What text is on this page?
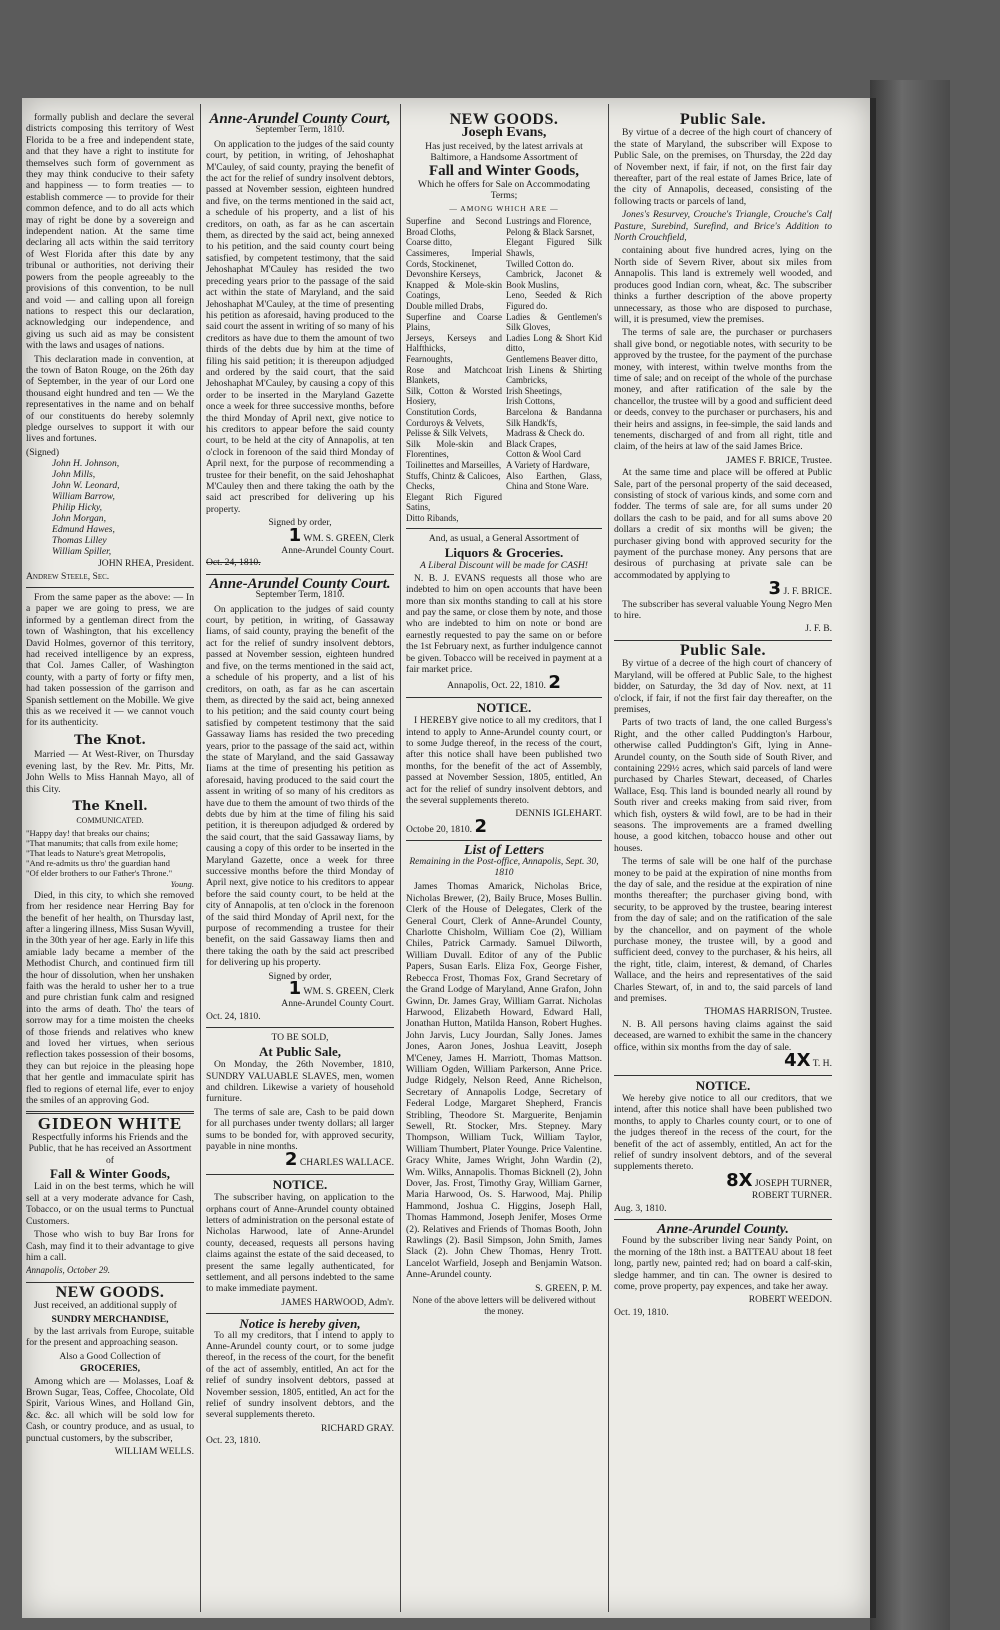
formally publish and declare the several districts composing this territory of West Florida to be a free and independent state, and that they have a right to institute for themselves such form of government as they may think conducive to their safety and happiness — to form treaties — to establish commerce — to provide for their common defence, and to do all acts which may of right be done by a sovereign and independent nation. At the same time declaring all acts within the said territory of West Florida after this date by any tribunal or authorities, not deriving their powers from the people agreeably to the provisions of this convention, to be null and void — and calling upon all foreign nations to respect this our declaration, acknowledging our independence, and giving us such aid as may be consistent with the laws and usages of nations.

This declaration made in convention, at the town of Baton Rouge, on the 26th day of September, in the year of our Lord one thousand eight hundred and ten — We the representatives in the name and on behalf of our constituents do hereby solemnly pledge ourselves to support it with our lives and fortunes.

(Signed)
John H. Johnson,
John Mills,
John W. Leonard,
William Barrow,
Philip Hicky,
John Morgan,
Edmund Hawes,
Thomas Lilley
William Spiller,
JOHN RHEA, President.
Andrew Steele, Sec.

From the same paper as the above: — In a paper we are going to press, we are informed by a gentleman direct from the town of Washington, that his excellency David Holmes, governor of this territory, had received intelligence by an express, that Col. James Caller, of Washington county, with a party of forty or fifty men, had taken possession of the garrison and Spanish settlement on the Mobille. We give this as we received it — we cannot vouch for its authenticity.

The Knot.

Married — At West-River, on Thursday evening last, by the Rev. Mr. Pitts, Mr. John Wells to Miss Hannah Mayo, all of this City.

The Knell.
COMMUNICATED.
"Happy day! that breaks our chains;
"That manumits; that calls from exile home;
"That leads to Nature's great Metropolis,
"And re-admits us thro' the guardian hand
"Of elder brothers to our Father's Throne."
Young.

Died, in this city, to which she removed from her residence near Herring Bay for the benefit of her health, on Thursday last, after a lingering illness, Miss Susan Wyvill, in the 30th year of her age. Early in life this amiable lady became a member of the Methodist Church, and continued firm till the hour of dissolution, when her unshaken faith was the herald to usher her to a true and pure christian funk calm and resigned into the arms of death. Tho' the tears of sorrow may for a time moisten the cheeks of those friends and relatives who knew and loved her virtues, when serious reflection takes possession of their bosoms, they can but rejoice in the pleasing hope that her gentle and immaculate spirit has fled to regions of eternal life, ever to enjoy the smiles of an approving God.

GIDEON WHITE
Respectfully informs his Friends and the Public, that he has received an Assortment of
Fall & Winter Goods,

Laid in on the best terms, which he will sell at a very moderate advance for Cash, Tobacco, or on the usual terms to Punctual Customers.

Those who wish to buy Bar Irons for Cash, may find it to their advantage to give him a call.

Annapolis, October 29.
NEW GOODS.

Just received, an additional supply of

SUNDRY MERCHANDISE,

by the last arrivals from Europe, suitable for the present and approaching season.

Also a Good Collection of
GROCERIES,

Among which are — Molasses, Loaf & Brown Sugar, Teas, Coffee, Chocolate, Old Spirit, Various Wines, and Holland Gin, &c. &c. all which will be sold low for Cash, or country produce, and as usual, to punctual customers, by the subscriber,

WILLIAM WELLS.
Anne-Arundel County Court,
September Term, 1810.

On application to the judges of the said county court, by petition, in writing, of Jehoshaphat M'Cauley, of said county, praying the benefit of the act for the relief of sundry insolvent debtors, passed at November session, eighteen hundred and five, on the terms mentioned in the said act, a schedule of his property, and a list of his creditors, on oath, as far as he can ascertain them, as directed by the said act, being annexed to his petition, and the said county court being satisfied, by competent testimony, that the said Jehoshaphat M'Cauley has resided the two preceding years prior to the passage of the said act within the state of Maryland, and the said Jehoshaphat M'Cauley, at the time of presenting his petition as aforesaid, having produced to the said court the assent in writing of so many of his creditors as have due to them the amount of two thirds of the debts due by him at the time of filing his said petition; it is thereupon adjudged and ordered by the said court, that the said Jehoshaphat M'Cauley, by causing a copy of this order to be inserted in the Maryland Gazette once a week for three successive months, before the third Monday of April next, give notice to his creditors to appear before the said county court, to be held at the city of Annapolis, at ten o'clock in forenoon of the said third Monday of April next, for the purpose of recommending a trustee for their benefit, on the said Jehoshaphat M'Cauley then and there taking the oath by the said act prescribed for delivering up his property.

Signed by order,
1 WM. S. GREEN, Clerk
Anne-Arundel County Court.
Oct. 24, 1810.
Anne-Arundel County Court.
September Term, 1810.

On application to the judges of said county court, by petition, in writing, of Gassaway Iiams, of said county, praying the benefit of the act for the relief of sundry insolvent debtors, passed at November session, eighteen hundred and five, on the terms mentioned in the said act, a schedule of his property, and a list of his creditors, on oath, as far as he can ascertain them, as directed by the said act, being annexed to his petition; and the said county court being satisfied by competent testimony that the said Gassaway Iiams has resided the two preceding years, prior to the passage of the said act, within the state of Maryland, and the said Gassaway Iiams at the time of presenting his petition as aforesaid, having produced to the said court the assent in writing of so many of his creditors as have due to them the amount of two thirds of the debts due by him at the time of filing his said petition, it is thereupon adjudged & ordered by the said court, that the said Gassaway Iiams, by causing a copy of this order to be inserted in the Maryland Gazette, once a week for three successive months before the third Monday of April next, give notice to his creditors to appear before the said county court, to be held at the city of Annapolis, at ten o'clock in the forenoon of the said third Monday of April next, for the purpose of recommending a trustee for their benefit, on the said Gassaway Iiams then and there taking the oath by the said act prescribed for delivering up his property.

Signed by order,
1 WM. S. GREEN, Clerk
Anne-Arundel County Court.
Oct. 24, 1810.
TO BE SOLD,
At Public Sale,

On Monday, the 26th November, 1810, SUNDRY VALUABLE SLAVES, men, women and children. Likewise a variety of household furniture.

The terms of sale are, Cash to be paid down for all purchases under twenty dollars; all larger sums to be bonded for, with approved security, payable in nine months.

2 CHARLES WALLACE.
NOTICE.

The subscriber having, on application to the orphans court of Anne-Arundel county obtained letters of administration on the personal estate of Nicholas Harwood, late of Anne-Arundel county, deceased, requests all persons having claims against the estate of the said deceased, to present the same legally authenticated, for settlement, and all persons indebted to the same to make immediate payment.

JAMES HARWOOD, Adm'r.
Notice is hereby given,

To all my creditors, that I intend to apply to Anne-Arundel county court, or to some judge thereof, in the recess of the court, for the benefit of the act of assembly, entitled, An act for the relief of sundry insolvent debtors, passed at November session, 1805, entitled, An act for the relief of sundry insolvent debtors, and the several supplements thereto.

RICHARD GRAY.
Oct. 23, 1810.
NEW GOODS.
Joseph Evans,
Has just received, by the latest arrivals at Baltimore, a Handsome Assortment of
Fall and Winter Goods,
Which he offers for Sale on Accommodating Terms;
— AMONG WHICH ARE —
Superfine and Second Broad Cloths,
Coarse ditto,
Cassimeres, Imperial Cords, Stockinenet,
Devonshire Kerseys,
Knapped & Mole-skin Coatings,
Double milled Drabs,
Superfine and Coarse Plains,
Jerseys, Kerseys and Halfthicks,
Fearnoughts,
Rose and Matchcoat Blankets,
Silk, Cotton & Worsted Hosiery,
Constitution Cords,
Corduroys & Velvets,
Pelisse & Silk Velvets,
Silk Mole-skin and Florentines,
Toilinettes and Marseilles,
Stuffs, Chintz & Calicoes,
Checks,
Elegant Rich Figured Satins,
Ditto Ribands,
Lustrings and Florence,
Pelong & Black Sarsnet,
Elegant Figured Silk Shawls,
Twilled Cotton do.
Cambrick, Jaconet & Book Muslins,
Leno, Seeded & Rich Figured do.
Ladies & Gentlemen's Silk Gloves,
Ladies Long & Short Kid ditto,
Gentlemens Beaver ditto,
Irish Linens & Shirting Cambricks,
Irish Sheetings,
Irish Cottons,
Barcelona & Bandanna Silk Handk'fs,
Madrass & Check do.
Black Crapes,
Cotton & Wool Card
A Variety of Hardware,
Also Earthen, Glass, China and Stone Ware.
And, as usual, a General Assortment of
Liquors & Groceries.
A Liberal Discount will be made for CASH!

N. B. J. EVANS requests all those who are indebted to him on open accounts that have been more than six months standing to call at his store and pay the same, or close them by note, and those who are indebted to him on note or bond are earnestly requested to pay the same on or before the 1st February next, as further indulgence cannot be given. Tobacco will be received in payment at a fair market price.

Annapolis, Oct. 22, 1810. 2
NOTICE.

I HEREBY give notice to all my creditors, that I intend to apply to Anne-Arundel county court, or to some Judge thereof, in the recess of the court, after this notice shall have been published two months, for the benefit of the act of Assembly, passed at November Session, 1805, entitled, An act for the relief of sundry insolvent debtors, and the several supplements thereto.

DENNIS IGLEHART.
Octobe 20, 1810. 2
List of Letters
Remaining in the Post-office, Annapolis, Sept. 30, 1810

James Thomas Amarick, Nicholas Brice, Nicholas Brewer, (2), Baily Bruce, Moses Bullin. Clerk of the House of Delegates, Clerk of the General Court, Clerk of Anne-Arundel County, Charlotte Chisholm, William Coe (2), William Chiles, Patrick Carmady. Samuel Dilworth, William Duvall. Editor of any of the Public Papers, Susan Earls. Eliza Fox, George Fisher, Rebecca Frost, Thomas Fox, Grand Secretary of the Grand Lodge of Maryland, Anne Grafon, John Gwinn, Dr. James Gray, William Garrat. Nicholas Harwood, Elizabeth Howard, Edward Hall, Jonathan Hutton, Matilda Hanson, Robert Hughes. John Jarvis, Lucy Jourdan, Sally Jones. James Jones, Aaron Jones, Joshua Leavitt, Joseph M'Ceney, James H. Marriott, Thomas Mattson. William Ogden, William Parkerson, Anne Price. Judge Ridgely, Nelson Reed, Anne Richelson, Secretary of Annapolis Lodge, Secretary of Federal Lodge, Margaret Shepherd, Francis Stribling, Theodore St. Marguerite, Benjamin Sewell, Rt. Stocker, Mrs. Stepney. Mary Thompson, William Tuck, William Taylor, William Thumbert, Plater Younge. Price Valentine. Gracy White, James Wright, John Wardin (2), Wm. Wilks, Annapolis. Thomas Bicknell (2), John Dover, Jas. Frost, Timothy Gray, William Garner, Maria Harwood, Os. S. Harwood, Maj. Philip Hammond, Joshua C. Higgins, Joseph Hall, Thomas Hammond, Joseph Jenifer, Moses Orme (2). Relatives and Friends of Thomas Booth, John Rawlings (2). Basil Simpson, John Smith, James Slack (2). John Chew Thomas, Henry Trott. Lancelot Warfield, Joseph and Benjamin Watson. Anne-Arundel county.

S. GREEN, P. M.
None of the above letters will be delivered without the money.
Public Sale.

By virtue of a decree of the high court of chancery of the state of Maryland, the subscriber will Expose to Public Sale, on the premises, on Thursday, the 22d day of November next, if fair, if not, on the first fair day thereafter, part of the real estate of James Brice, late of the city of Annapolis, deceased, consisting of the following tracts or parcels of land,

Jones's Resurvey, Crouche's Triangle, Crouche's Calf Pasture, Surebind, Surefind, and Brice's Addition to North Crouchfield,

containing about five hundred acres, lying on the North side of Severn River, about six miles from Annapolis. This land is extremely well wooded, and produces good Indian corn, wheat, &c. The subscriber thinks a further description of the above property unnecessary, as those who are disposed to purchase, will, it is presumed, view the premises.

The terms of sale are, the purchaser or purchasers shall give bond, or negotiable notes, with security to be approved by the trustee, for the payment of the purchase money, with interest, within twelve months from the time of sale; and on receipt of the whole of the purchase money, and after ratification of the sale by the chancellor, the trustee will by a good and sufficient deed or deeds, convey to the purchaser or purchasers, his and their heirs and assigns, in fee-simple, the said lands and tenements, discharged of and from all right, title and claim, of the heirs at law of the said James Brice.

JAMES F. BRICE, Trustee.

At the same time and place will be offered at Public Sale, part of the personal property of the said deceased, consisting of stock of various kinds, and some corn and fodder. The terms of sale are, for all sums under 20 dollars the cash to be paid, and for all sums above 20 dollars a credit of six months will be given; the purchaser giving bond with approved security for the payment of the purchase money. Any persons that are desirous of purchasing at private sale can be accommodated by applying to

3 J. F. BRICE.

The subscriber has several valuable Young Negro Men to hire.

J. F. B.
Public Sale.

By virtue of a decree of the high court of chancery of Maryland, will be offered at Public Sale, to the highest bidder, on Saturday, the 3d day of Nov. next, at 11 o'clock, if fair, if not the first fair day thereafter, on the premises,

Parts of two tracts of land, the one called Burgess's Right, and the other called Puddington's Harbour, otherwise called Puddington's Gift, lying in Anne-Arundel county, on the South side of South River, and containing 229½ acres, which said parcels of land were purchased by Charles Stewart, deceased, of Charles Wallace, Esq. This land is bounded nearly all round by South river and creeks making from said river, from which fish, oysters & wild fowl, are to be had in their seasons. The improvements are a framed dwelling house, a good kitchen, tobacco house and other out houses.

The terms of sale will be one half of the purchase money to be paid at the expiration of nine months from the day of sale, and the residue at the expiration of nine months thereafter; the purchaser giving bond, with security, to be approved by the trustee, bearing interest from the day of sale; and on the ratification of the sale by the chancellor, and on payment of the whole purchase money, the trustee will, by a good and sufficient deed, convey to the purchaser, & his heirs, all the right, title, claim, interest, & demand, of Charles Wallace, and the heirs and representatives of the said Charles Stewart, of, in and to, the said parcels of land and premises.

THOMAS HARRISON, Trustee.

N. B. All persons having claims against the said deceased, are warned to exhibit the same in the chancery office, within six months from the day of sale.

4X T. H.
NOTICE.

We hereby give notice to all our creditors, that we intend, after this notice shall have been published two months, to apply to Charles county court, or to one of the judges thereof in the recess of the court, for the benefit of the act of assembly, entitled, An act for the relief of sundry insolvent debtors, and of the several supplements thereto.

8X JOSEPH TURNER,
ROBERT TURNER.
Aug. 3, 1810.
Anne-Arundel County.

Found by the subscriber living near Sandy Point, on the morning of the 18th inst. a BATTEAU about 18 feet long, partly new, painted red; had on board a calf-skin, sledge hammer, and tin can. The owner is desired to come, prove property, pay expences, and take her away.

ROBERT WEEDON.
Oct. 19, 1810.
